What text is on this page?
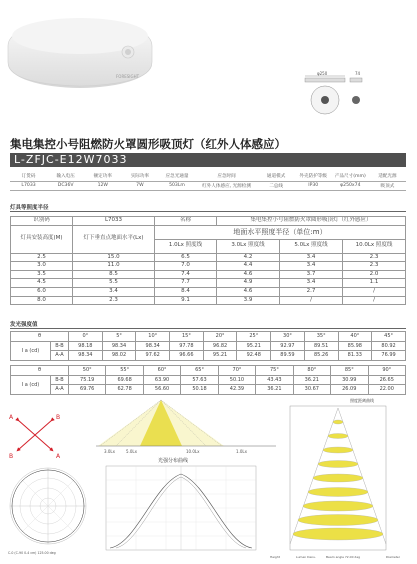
FORESIGHT
φ250	74
集电集控小号阻燃防火罩圆形吸顶灯（红外人体感应）
L-ZFJC-E12W7033
订货码	输入电压	额定功率	实际功率	应急光通量	应急时间	通道模式	外壳防护等级	产品尺寸(mm)	适配光源
L7033	DC36V	12W	7W	503Lm	红外人体感应, 光源检测	二总线	IP30	φ250x74	吸顶式
灯具等照度半径
识别码	L7033	名称	集电集控小号阻燃防火罩圆形吸顶灯（红外感应）		
灯具安装高度(M)	灯下垂直点地面水平(Lx)	地面水平照度半径（单位:m）			
		1.0Lx 照度线	3.0Lx 照度线	5.0Lx 照度线	10.0Lx 照度线
2.5	15.0	6.5	4.2	3.4	2.3
3.0	11.0	7.0	4.4	3.4	2.3
3.5	8.5	7.4	4.6	3.7	2.0
4.5	5.5	7.7	4.9	3.4	1.1
6.0	3.4	8.4	4.6	2.7	/
8.0	2.3	9.1	3.9	/	/
发光强度值
θ		0°	5°	10°	15°	20°	25°	30°	35°	40°	45°
I a (cd)	B-B	98.18	98.34	98.34	97.78	96.82	95.21	92.97	89.51	85.98	80.92
	A-A	98.34	98.02	97.62	96.66	95.21	92.48	89.59	85.26	81.33	76.99
θ		50°	55°	60°	65°	70°	75°	80°	85°	90°
I a (cd)	B-B	75.19	69.68	63.90	57.63	50.10	43.43	36.21	30.99	26.65
	A-A	69.76	62.78	56.60	50.18	42.39	36.21	30.67	26.09	22.00
A	B
B	A
3.0Lx	5.0Lx	10.0Lx	1.0Lx
C-0 (C-90 0-4 cm) 125.00 deg
光强分布曲线
照度距离曲线
Height	Lumen Dens.	Beam angle 72.00 deg	Diameter
